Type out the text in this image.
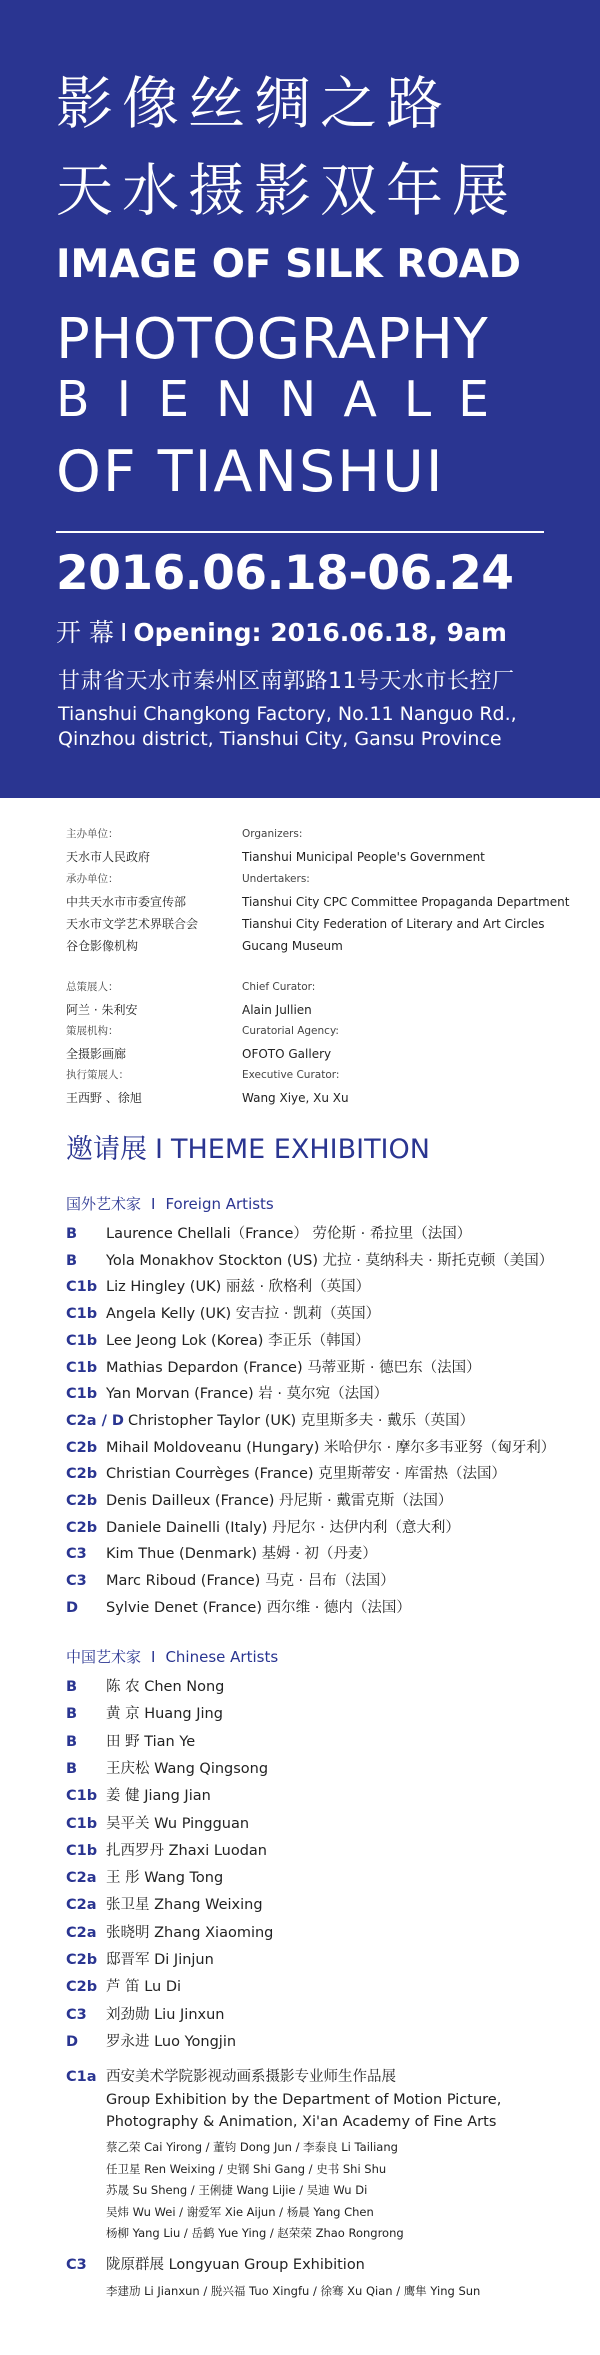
影像丝绸之路
天水摄影双年展
IMAGE OF SILK ROAD
PHOTOGRAPHY
BIENNALE
OF TIANSHUI
2016.06.18-06.24
开 幕 I Opening: 2016.06.18, 9am
甘肃省天水市秦州区南郭路11号天水市长控厂
Tianshui Changkong Factory, No.11 Nanguo Rd.,
Qinzhou district, Tianshui City, Gansu Province
主办单位：
天水市人民政府
承办单位：
中共天水市市委宣传部
天水市文学艺术界联合会
谷仓影像机构
总策展人：
阿兰 · 朱利安
策展机构：
全摄影画廊
执行策展人：
王西野 、徐旭
Organizers:
Tianshui Municipal People's Government
Undertakers:
Tianshui City CPC Committee Propaganda Department
Tianshui City Federation of Literary and Art Circles
Gucang Museum
Chief Curator:
Alain Jullien
Curatorial Agency:
OFOTO Gallery
Executive Curator:
Wang Xiye, Xu Xu
邀请展 I THEME EXHIBITION
国外艺术家 I Foreign Artists
B Laurence Chellali（France） 劳伦斯 · 希拉里（法国）
B Yola Monakhov Stockton (US) 尤拉 · 莫纳科夫 · 斯托克顿（美国）
C1b Liz Hingley (UK) 丽兹 · 欣格利（英国）
C1b Angela Kelly (UK) 安吉拉 · 凯莉（英国）
C1b Lee Jeong Lok (Korea) 李正乐（韩国）
C1b Mathias Depardon (France) 马蒂亚斯 · 德巴东（法国）
C1b Yan Morvan (France) 岩 · 莫尔宛（法国）
C2a / D Christopher Taylor (UK) 克里斯多夫 · 戴乐（英国）
C2b Mihail Moldoveanu (Hungary) 米哈伊尔 · 摩尔多韦亚努（匈牙利）
C2b Christian Courrèges (France) 克里斯蒂安 · 库雷热（法国）
C2b Denis Dailleux (France) 丹尼斯 · 戴雷克斯（法国）
C2b Daniele Dainelli (Italy) 丹尼尔 · 达伊内利（意大利）
C3 Kim Thue (Denmark) 基姆 · 初（丹麦）
C3 Marc Riboud (France) 马克 · 吕布（法国）
D Sylvie Denet (France) 西尔维 · 德内（法国）
中国艺术家 I Chinese Artists
B 陈 农 Chen Nong
B 黄 京 Huang Jing
B 田 野 Tian Ye
B 王庆松 Wang Qingsong
C1b 姜 健 Jiang Jian
C1b 吴平关 Wu Pingguan
C1b 扎西罗丹 Zhaxi Luodan
C2a 王 彤 Wang Tong
C2a 张卫星 Zhang Weixing
C2a 张晓明 Zhang Xiaoming
C2b 邸晋军 Di Jinjun
C2b 芦 笛 Lu Di
C3 刘劲勋 Liu Jinxun
D 罗永进 Luo Yongjin
C1a 西安美术学院影视动画系摄影专业师生作品展
Group Exhibition by the Department of Motion Picture,
Photography & Animation, Xi'an Academy of Fine Arts
蔡乙荣 Cai Yirong / 董钧 Dong Jun / 李泰良 Li Tailiang
任卫星 Ren Weixing / 史钢 Shi Gang / 史书 Shi Shu
苏晟 Su Sheng / 王俐捷 Wang Lijie / 吴迪 Wu Di
吴炜 Wu Wei / 谢爱军 Xie Aijun / 杨晨 Yang Chen
杨柳 Yang Liu / 岳鹤 Yue Ying / 赵荣荣 Zhao Rongrong
C3 陇原群展 Longyuan Group Exhibition
李建劢 Li Jianxun / 脱兴福 Tuo Xingfu / 徐骞 Xu Qian / 鹰隼 Ying Sun
